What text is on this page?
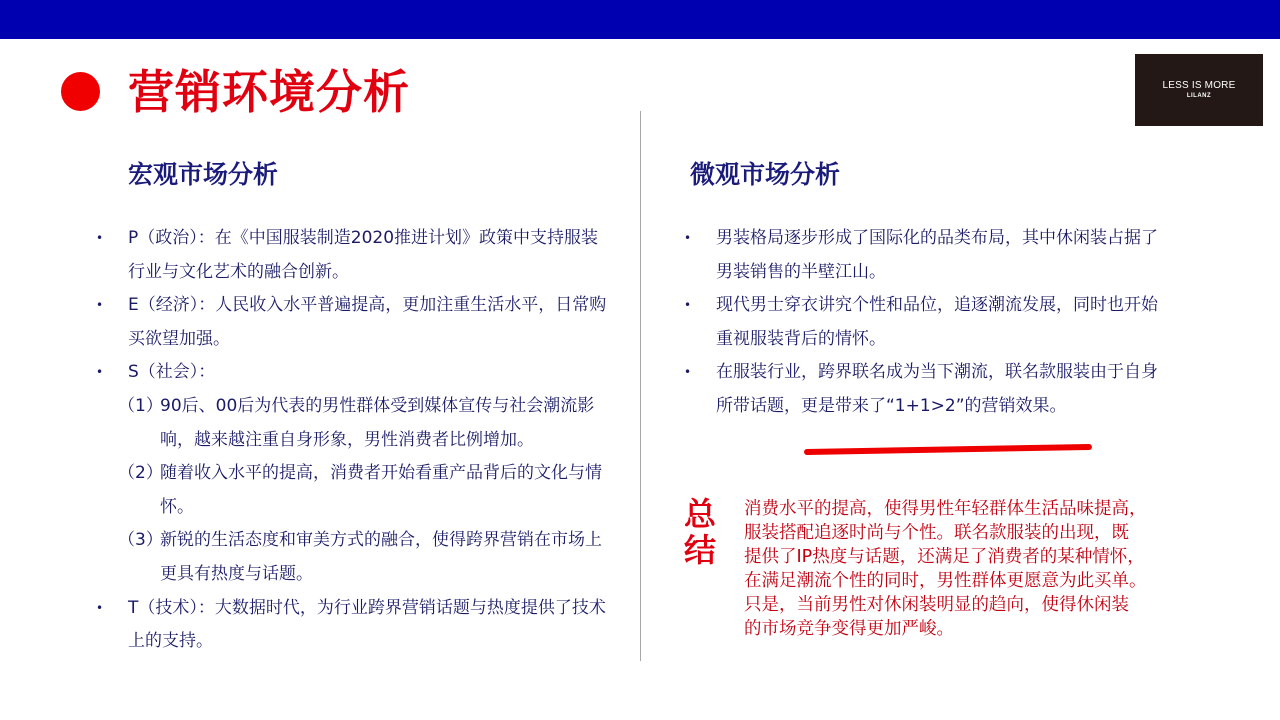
营销环境分析	LESS IS MORE
LILANZ
宏观市场分析
• P（政治）：在《中国服装制造2020推进计划》政策中支持服装行业与文化艺术的融合创新。
• E（经济）：人民收入水平普遍提高，更加注重生活水平，日常购买欲望加强。
• S（社会）：
（1）
90后、00后为代表的男性群体受到媒体宣传与社会潮流影响，越来越注重自身形象，男性消费者比例增加。
（2）
随着收入水平的提高，消费者开始看重产品背后的文化与情怀。
（3）
新锐的生活态度和审美方式的融合，使得跨界营销在市场上更具有热度与话题。
• T（技术）：大数据时代，为行业跨界营销话题与热度提供了技术上的支持。
微观市场分析
• 男装格局逐步形成了国际化的品类布局，其中休闲装占据了男装销售的半壁江山。
• 现代男士穿衣讲究个性和品位，追逐潮流发展，同时也开始重视服装背后的情怀。
• 在服装行业，跨界联名成为当下潮流，联名款服装由于自身所带话题，更是带来了“1+1>2”的营销效果。
总
结
消费水平的提高，使得男性年轻群体生活品味提高，
服装搭配追逐时尚与个性。联名款服装的出现，既
提供了IP热度与话题，还满足了消费者的某种情怀，
在满足潮流个性的同时，男性群体更愿意为此买单。
只是，当前男性对休闲装明显的趋向，使得休闲装
的市场竞争变得更加严峻。
